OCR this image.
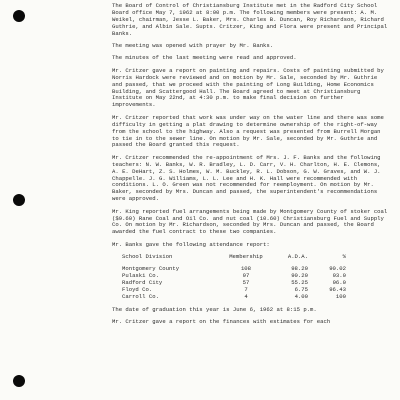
The Board of Control of Christiansburg Institute met in the Radford City School Board office May 7, 1962 at 8:00 p.m. The following members were present: A. M. Weikel, chairman, Jesse L. Baker, Mrs. Charles B. Duncan, Roy Richardson, Richard Guthrie, and Albin Sale. Supts. Critzer, King and Flora were present and Principal Banks.

The meeting was opened with prayer by Mr. Banks.

The minutes of the last meeting were read and approved.

Mr. Critzer gave a report on painting and repairs. Costs of painting submitted by Norris Hardock were reviewed and on motion by Mr. Sale, seconded by Mr. Guthrie and passed, that we proceed with the painting of Long Building, Home Economics Building, and Scattergood Hall. The Board agreed to meet at Christiansburg Institute on May 22nd, at 4:30 p.m. to make final decision on further improvements.

Mr. Critzer reported that work was under way on the water line and there was some difficulty in getting a plat drawing to determine ownership of the right-of-way from the school to the highway. Also a request was presented from Burrell Morgan to tie in to the sewer line. On motion by Mr. Sale, seconded by Mr. Guthrie and passed the Board granted this request.

Mr. Critzer recommended the re-appointment of Mrs. J. F. Banks and the following teachers: N. W. Banks, W. R. Bradley, L. D. Carr, V. H. Charlton, H. E. Clemons, A. E. DeHart, Z. S. Holmes, W. M. Buckley, R. L. Dobson, G. W. Graves, and W. J. Chappelle. J. G. Williams, L. L. Lee and H. K. Hall were recommended with conditions. L. O. Green was not recommended for reemployment. On motion by Mr. Baker, seconded by Mrs. Duncan and passed, the superintendent's recommendations were approved.

Mr. King reported fuel arrangements being made by Montgomery County of stoker coal ($9.60) Rane Coal and Oil Co. and nut coal (10.60) Christiansburg Fuel and Supply Co. On motion by Mr. Richardson, seconded by Mrs. Duncan and passed, the Board awarded the fuel contract to these two companies.

Mr. Banks gave the following attendance report:

School Division	Membership	A.D.A.	%
Montgomery County	108	98.20	90.02
Pulaski Co.	97	90.20	93.0
Radford City	57	55.25	96.0
Floyd Co.	7	6.75	96.43
Carroll Co.	4	4.00	100

The date of graduation this year is June 6, 1962 at 8:15 p.m.

Mr. Critzer gave a report on the finances with estimates for each
